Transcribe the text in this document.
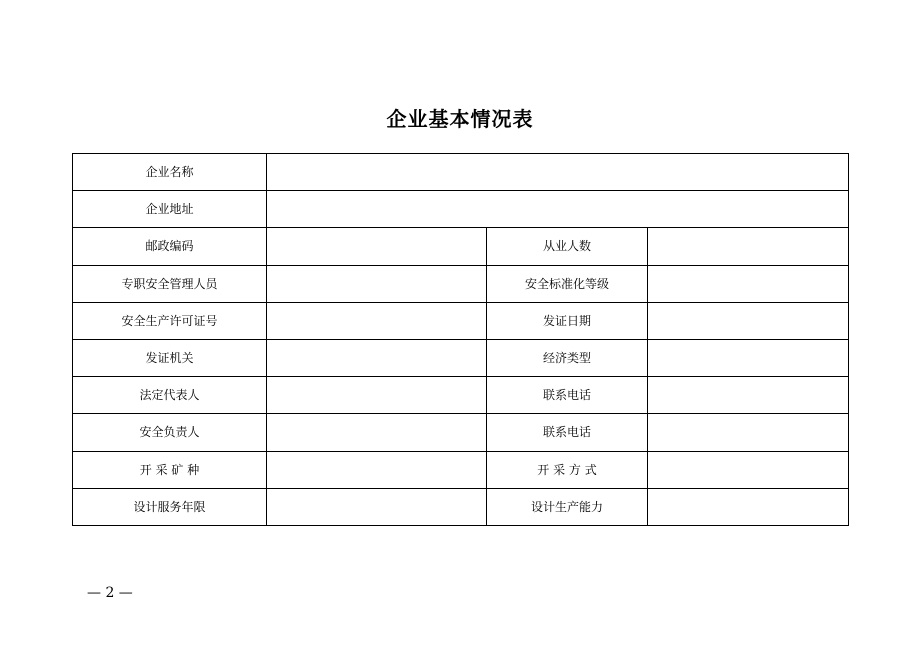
企业基本情况表
企业名称			
企业地址			
邮政编码		从业人数	
专职安全管理人员		安全标准化等级	
安全生产许可证号		发证日期	
发证机关		经济类型	
法定代表人		联系电话	
安全负责人		联系电话	
开 采 矿 种		开 采 方 式	
设计服务年限		设计生产能力	
— 2 —
